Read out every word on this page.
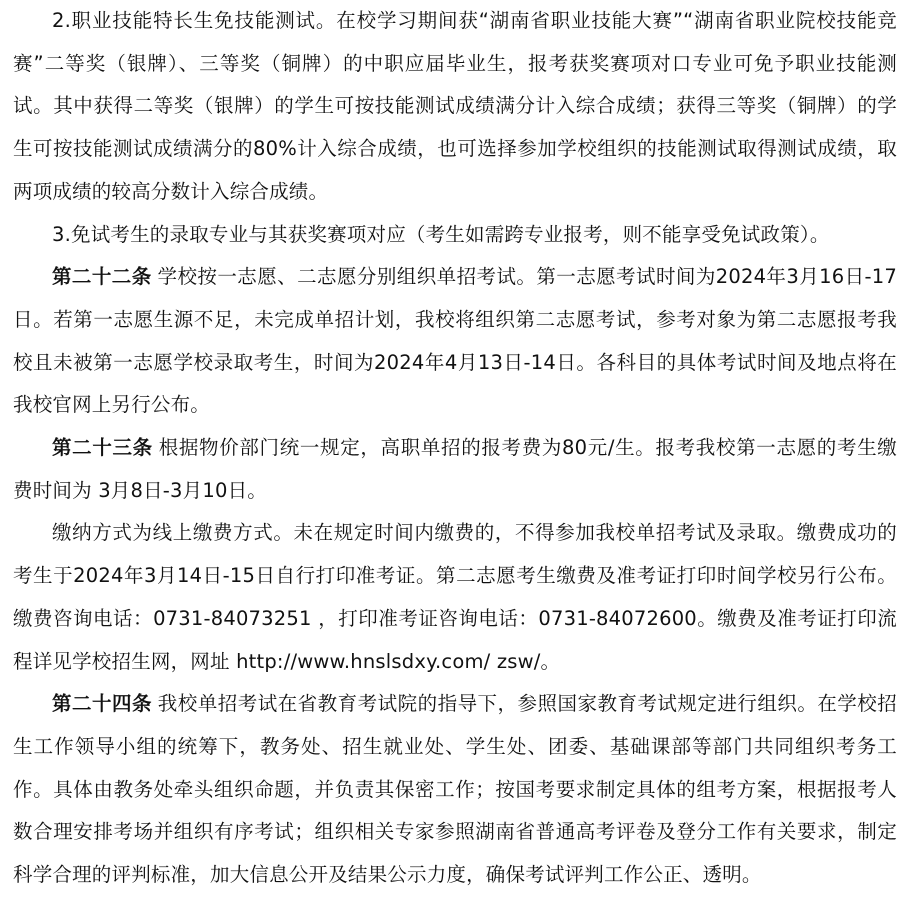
2.职业技能特长生免技能测试。在校学习期间获“湖南省职业技能大赛”“湖南省职业院校技能竞赛”二等奖（银牌）、三等奖（铜牌）的中职应届毕业生，报考获奖赛项对口专业可免予职业技能测试。其中获得二等奖（银牌）的学生可按技能测试成绩满分计入综合成绩；获得三等奖（铜牌）的学生可按技能测试成绩满分的80%计入综合成绩，也可选择参加学校组织的技能测试取得测试成绩，取两项成绩的较高分数计入综合成绩。

3.免试考生的录取专业与其获奖赛项对应（考生如需跨专业报考，则不能享受免试政策）。

第二十二条 学校按一志愿、二志愿分别组织单招考试。第一志愿考试时间为2024年3月16日-17日。若第一志愿生源不足，未完成单招计划，我校将组织第二志愿考试，参考对象为第二志愿报考我校且未被第一志愿学校录取考生，时间为2024年4月13日-14日。各科目的具体考试时间及地点将在我校官网上另行公布。

第二十三条 根据物价部门统一规定，高职单招的报考费为80元/生。报考我校第一志愿的考生缴费时间为 3月8日-3月10日。

缴纳方式为线上缴费方式。未在规定时间内缴费的，不得参加我校单招考试及录取。缴费成功的考生于2024年3月14日-15日自行打印准考证。第二志愿考生缴费及准考证打印时间学校另行公布。缴费咨询电话：0731-84073251 ，打印准考证咨询电话：0731-84072600。缴费及准考证打印流程详见学校招生网，网址 http://www.hnslsdxy.com/ zsw/。

第二十四条 我校单招考试在省教育考试院的指导下，参照国家教育考试规定进行组织。在学校招生工作领导小组的统筹下，教务处、招生就业处、学生处、团委、基础课部等部门共同组织考务工作。具体由教务处牵头组织命题，并负责其保密工作；按国考要求制定具体的组考方案，根据报考人数合理安排考场并组织有序考试；组织相关专家参照湖南省普通高考评卷及登分工作有关要求，制定科学合理的评判标准，加大信息公开及结果公示力度，确保考试评判工作公正、透明。
